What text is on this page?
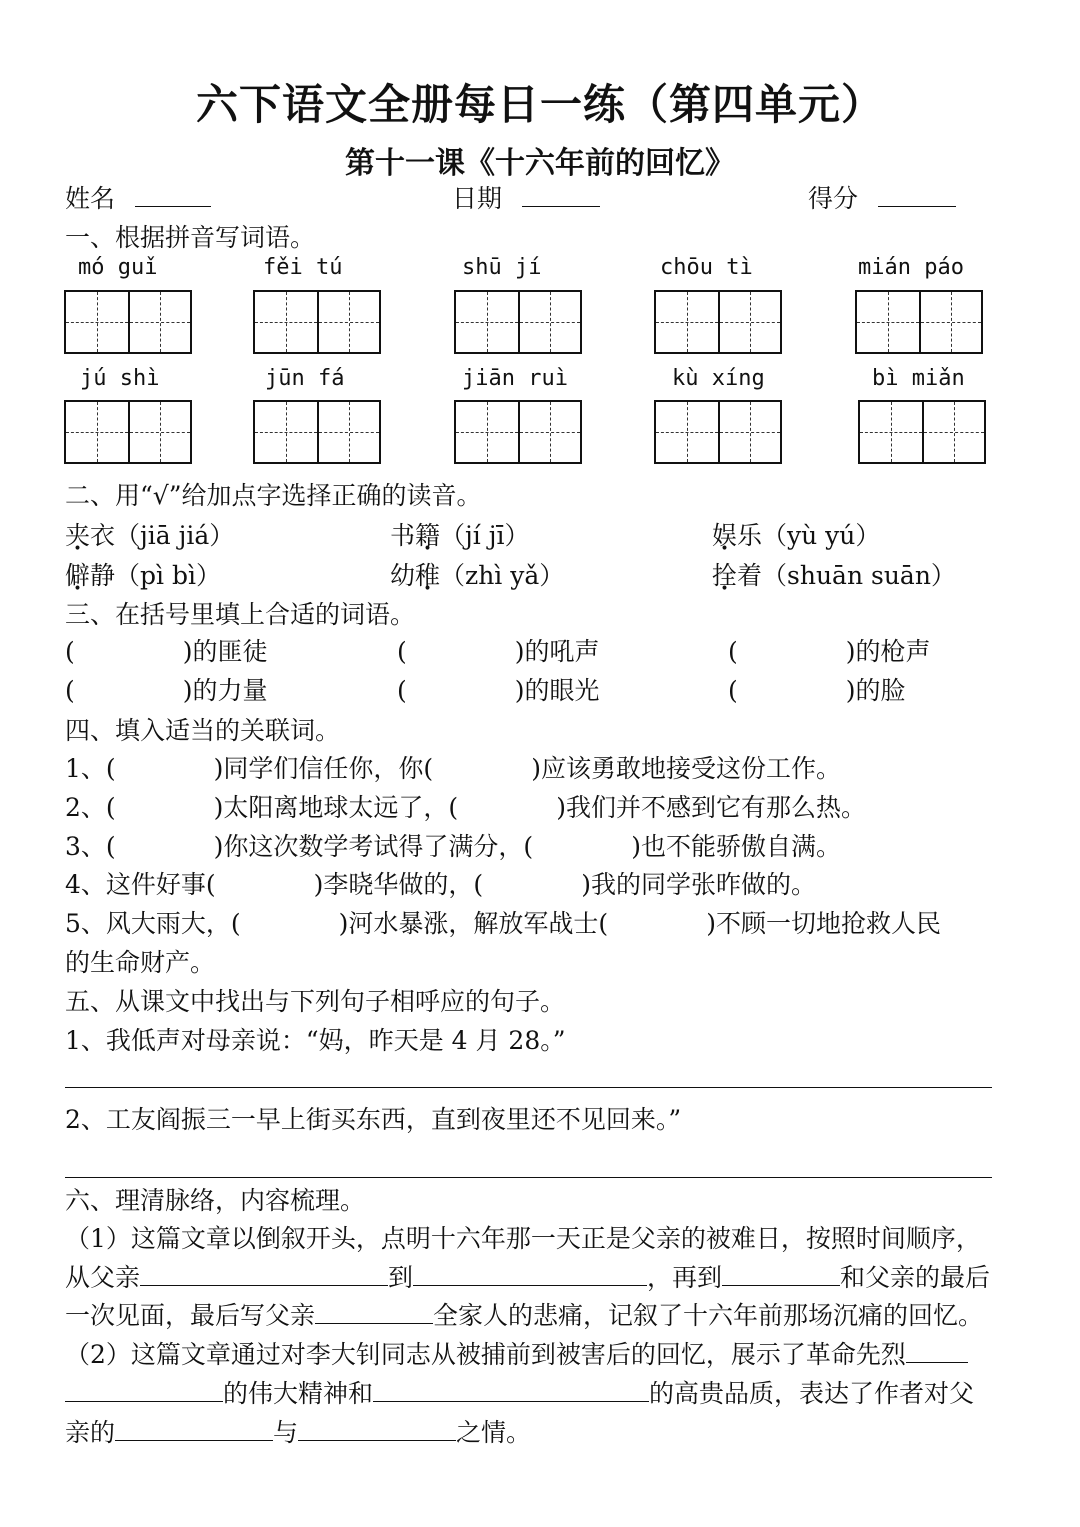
六下语文全册每日一练（第四单元）
第十一课《十六年前的回忆》
姓名	日期	得分
一、根据拼音写词语。
mó guǐ	fěi tú	shū jí	chōu tì	mián páo
jú shì	jūn fá	jiān ruì	kù xíng	bì miǎn
二、用“√”给加点字选择正确的读音。
夹衣（jiā jiá）	书籍（jí jī）	娱乐（yù yú）
僻静（pì bì）	幼稚（zhì yǎ）	拴着（shuān suān）
三、在括号里填上合适的词语。
(	)的匪徒	(	)的吼声	(	)的枪声
(	)的力量	(	)的眼光	(	)的脸
四、填入适当的关联词。
1、(	)同学们信任你，你(	)应该勇敢地接受这份工作。
2、(	)太阳离地球太远了，(	)我们并不感到它有那么热。
3、(	)你这次数学考试得了满分，(	)也不能骄傲自满。
4、这件好事(	)李晓华做的，(	)我的同学张昨做的。
5、风大雨大，(	)河水暴涨，解放军战士(	)不顾一切地抢救人民
的生命财产。
五、从课文中找出与下列句子相呼应的句子。
1、我低声对母亲说：“妈，昨天是 4 月 28。”
2、工友阎振三一早上街买东西，直到夜里还不见回来。”
六、理清脉络，内容梳理。
（1）这篇文章以倒叙开头，点明十六年那一天正是父亲的被难日，按照时间顺序，
从父亲	到	，再到	和父亲的最后
一次见面，最后写父亲	全家人的悲痛，记叙了十六年前那场沉痛的回忆。
（2）这篇文章通过对李大钊同志从被捕前到被害后的回忆，展示了革命先烈
的伟大精神和	的高贵品质，表达了作者对父
亲的	与	之情。
